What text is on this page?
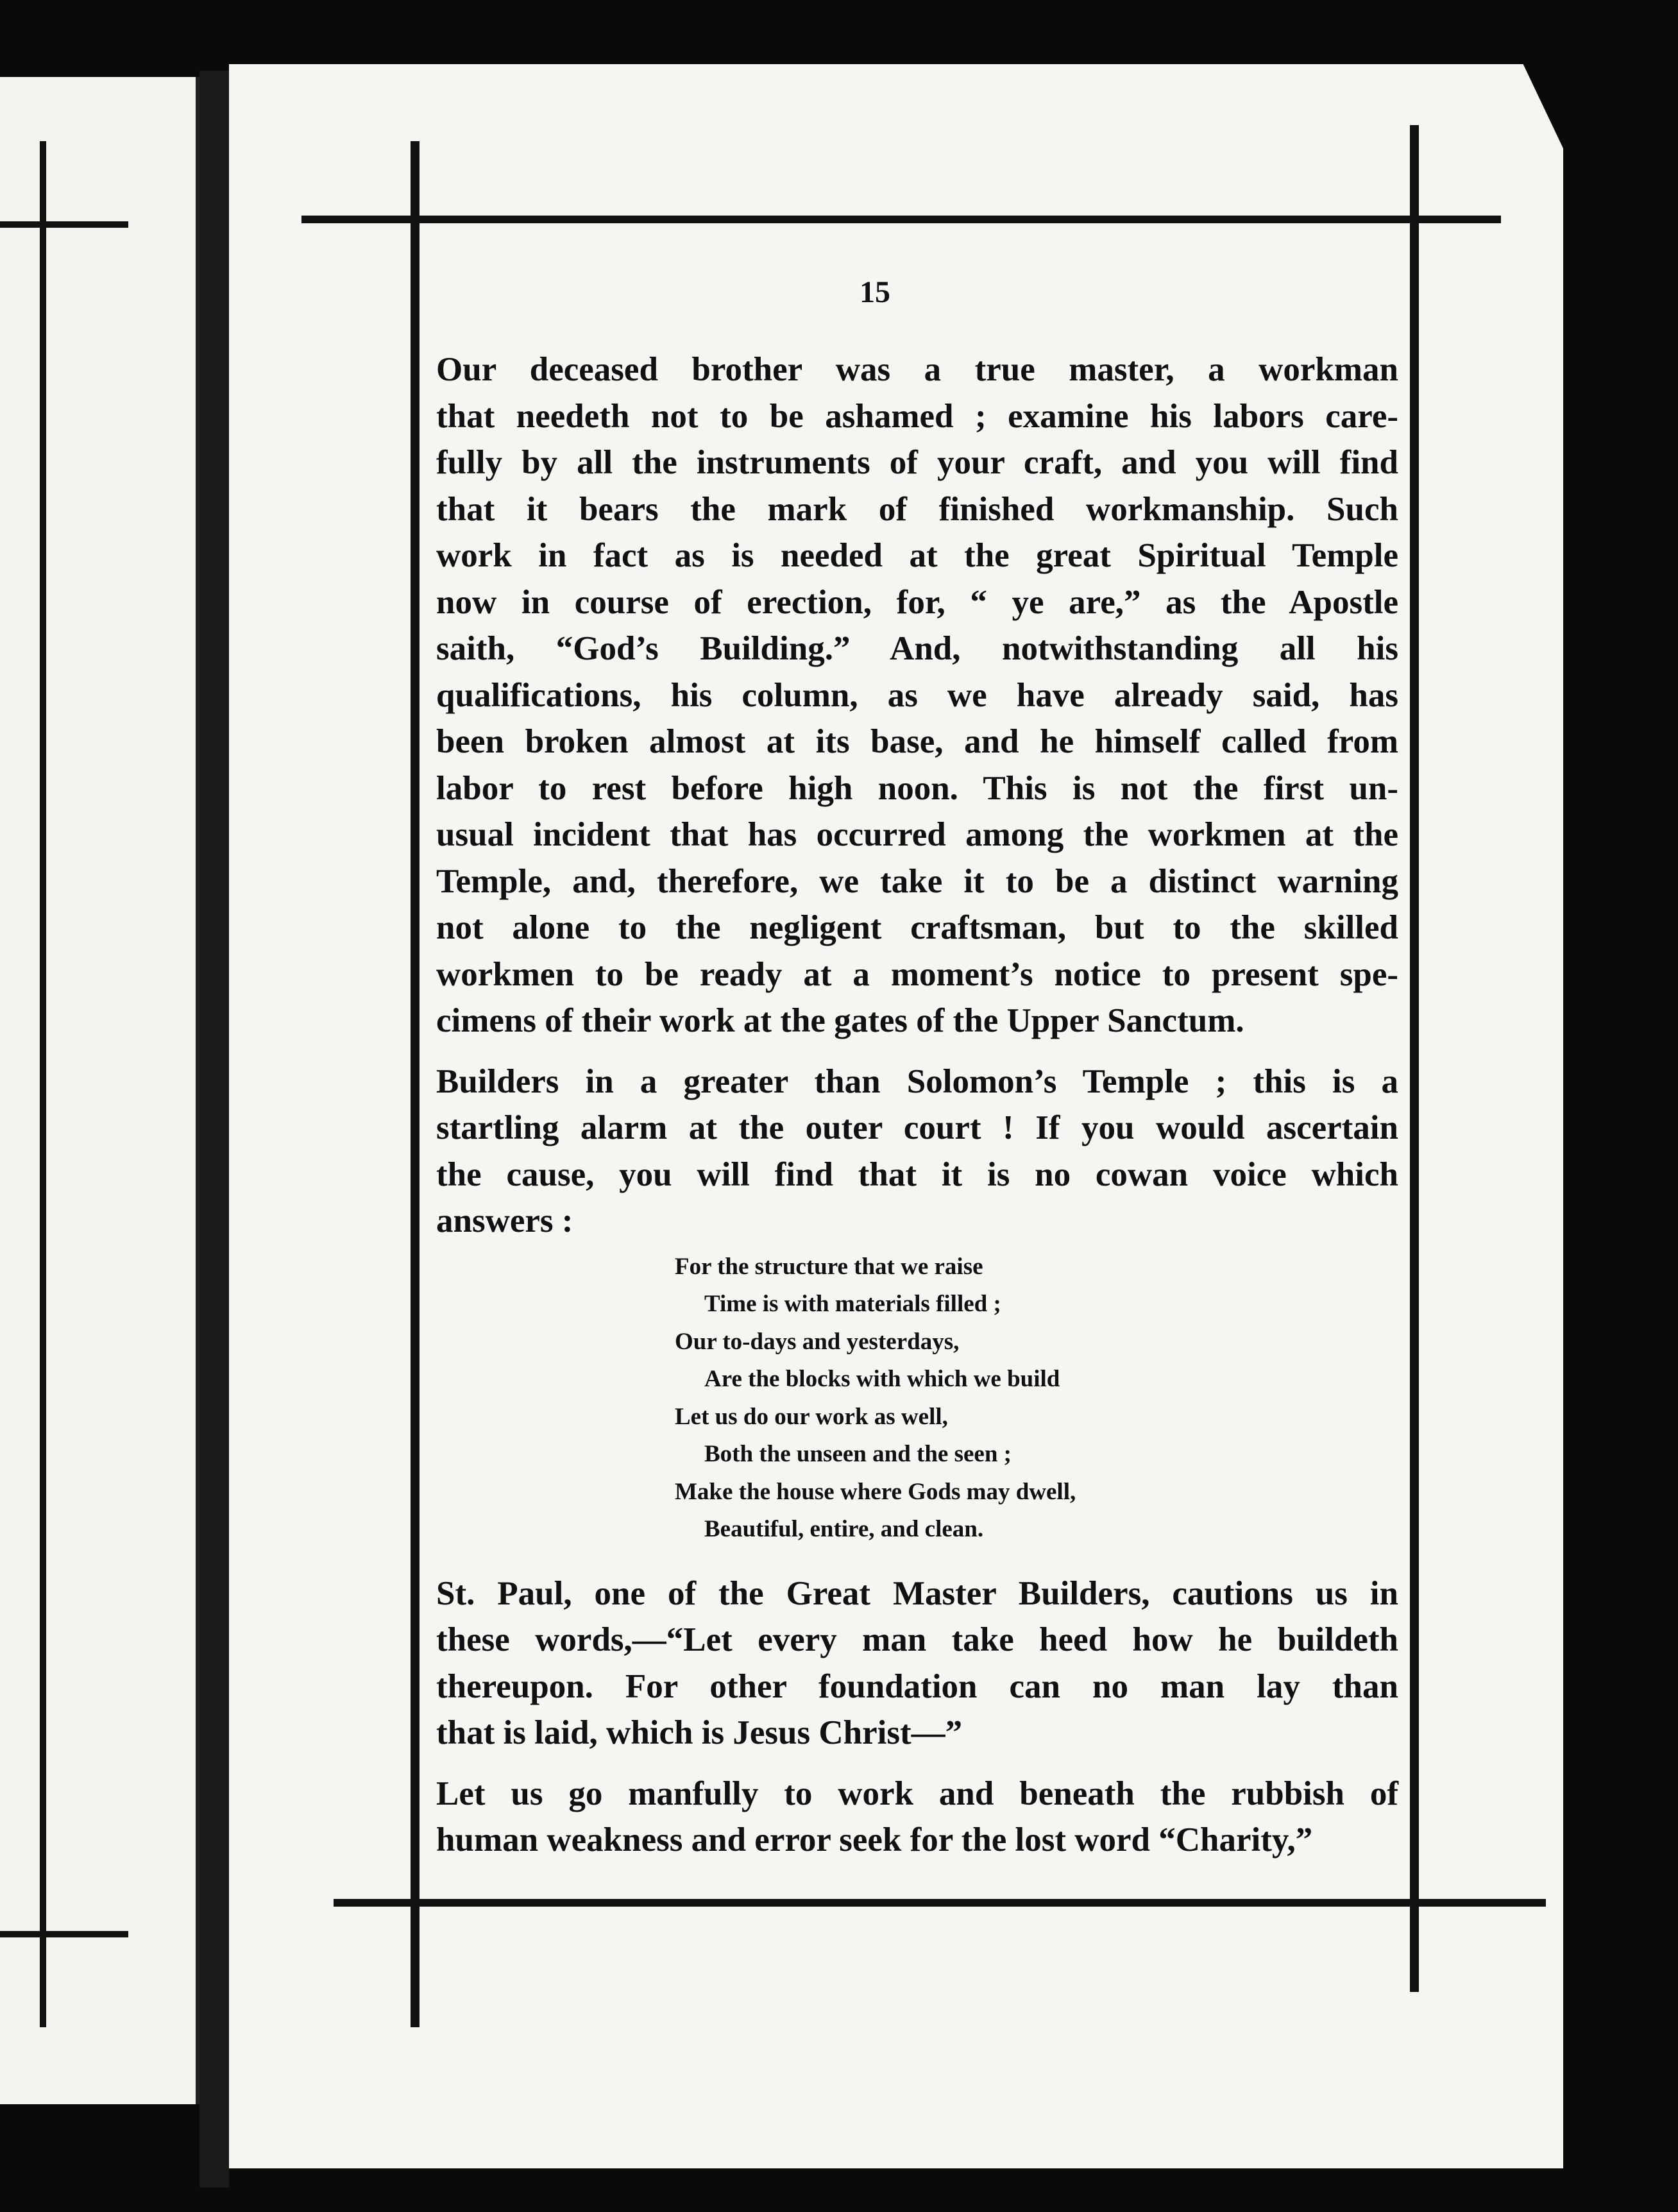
15

Our deceased brother was a true master, a workman
that needeth not to be ashamed ; examine his labors care-
fully by all the instruments of your craft, and you will find
that it bears the mark of finished workmanship. Such
work in fact as is needed at the great Spiritual Temple
now in course of erection, for, “ ye are,” as the Apostle
saith, “God’s Building.” And, notwithstanding all his
qualifications, his column, as we have already said, has
been broken almost at its base, and he himself called from
labor to rest before high noon. This is not the first un-
usual incident that has occurred among the workmen at the
Temple, and, therefore, we take it to be a distinct warning
not alone to the negligent craftsman, but to the skilled
workmen to be ready at a moment’s notice to present spe-
cimens of their work at the gates of the Upper Sanctum.

Builders in a greater than Solomon’s Temple ; this is a
startling alarm at the outer court ! If you would ascertain
the cause, you will find that it is no cowan voice which
answers :

For the structure that we raise
Time is with materials filled ;
Our to-days and yesterdays,
Are the blocks with which we build
Let us do our work as well,
Both the unseen and the seen ;
Make the house where Gods may dwell,
Beautiful, entire, and clean.

St. Paul, one of the Great Master Builders, cautions us in
these words,—“Let every man take heed how he buildeth
thereupon. For other foundation can no man lay than
that is laid, which is Jesus Christ—”

Let us go manfully to work and beneath the rubbish of
human weakness and error seek for the lost word “Charity,”
